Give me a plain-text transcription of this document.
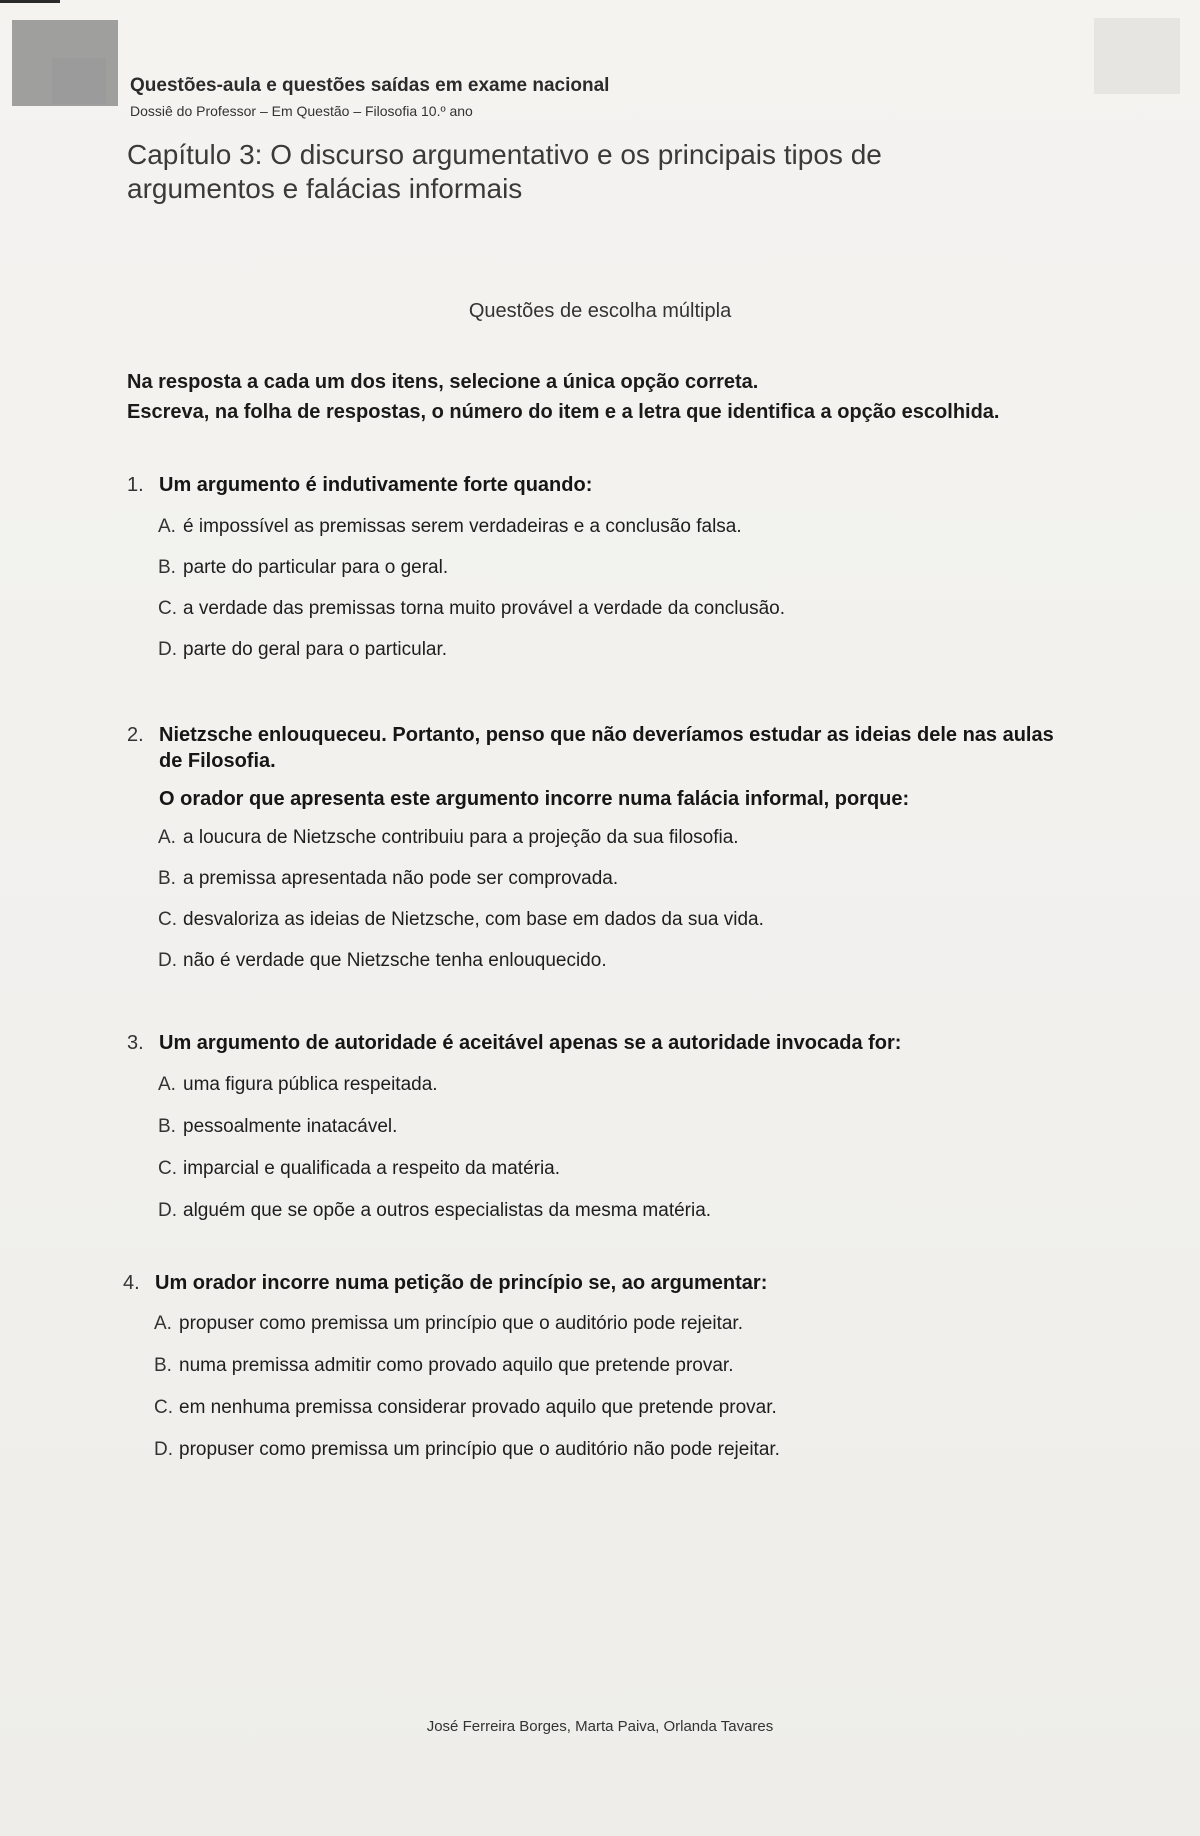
Questões-aula e questões saídas em exame nacional
Dossiê do Professor – Em Questão – Filosofia 10.º ano
Capítulo 3: O discurso argumentativo e os principais tipos de argumentos e falácias informais
Questões de escolha múltipla
Na resposta a cada um dos itens, selecione a única opção correta.
Escreva, na folha de respostas, o número do item e a letra que identifica a opção escolhida.
1. Um argumento é indutivamente forte quando:
A. é impossível as premissas serem verdadeiras e a conclusão falsa.
B. parte do particular para o geral.
C. a verdade das premissas torna muito provável a verdade da conclusão.
D. parte do geral para o particular.
2. Nietzsche enlouqueceu. Portanto, penso que não deveríamos estudar as ideias dele nas aulas de Filosofia.
O orador que apresenta este argumento incorre numa falácia informal, porque:
A. a loucura de Nietzsche contribuiu para a projeção da sua filosofia.
B. a premissa apresentada não pode ser comprovada.
C. desvaloriza as ideias de Nietzsche, com base em dados da sua vida.
D. não é verdade que Nietzsche tenha enlouquecido.
3. Um argumento de autoridade é aceitável apenas se a autoridade invocada for:
A. uma figura pública respeitada.
B. pessoalmente inatacável.
C. imparcial e qualificada a respeito da matéria.
D. alguém que se opõe a outros especialistas da mesma matéria.
4. Um orador incorre numa petição de princípio se, ao argumentar:
A. propuser como premissa um princípio que o auditório pode rejeitar.
B. numa premissa admitir como provado aquilo que pretende provar.
C. em nenhuma premissa considerar provado aquilo que pretende provar.
D. propuser como premissa um princípio que o auditório não pode rejeitar.
José Ferreira Borges, Marta Paiva, Orlanda Tavares
